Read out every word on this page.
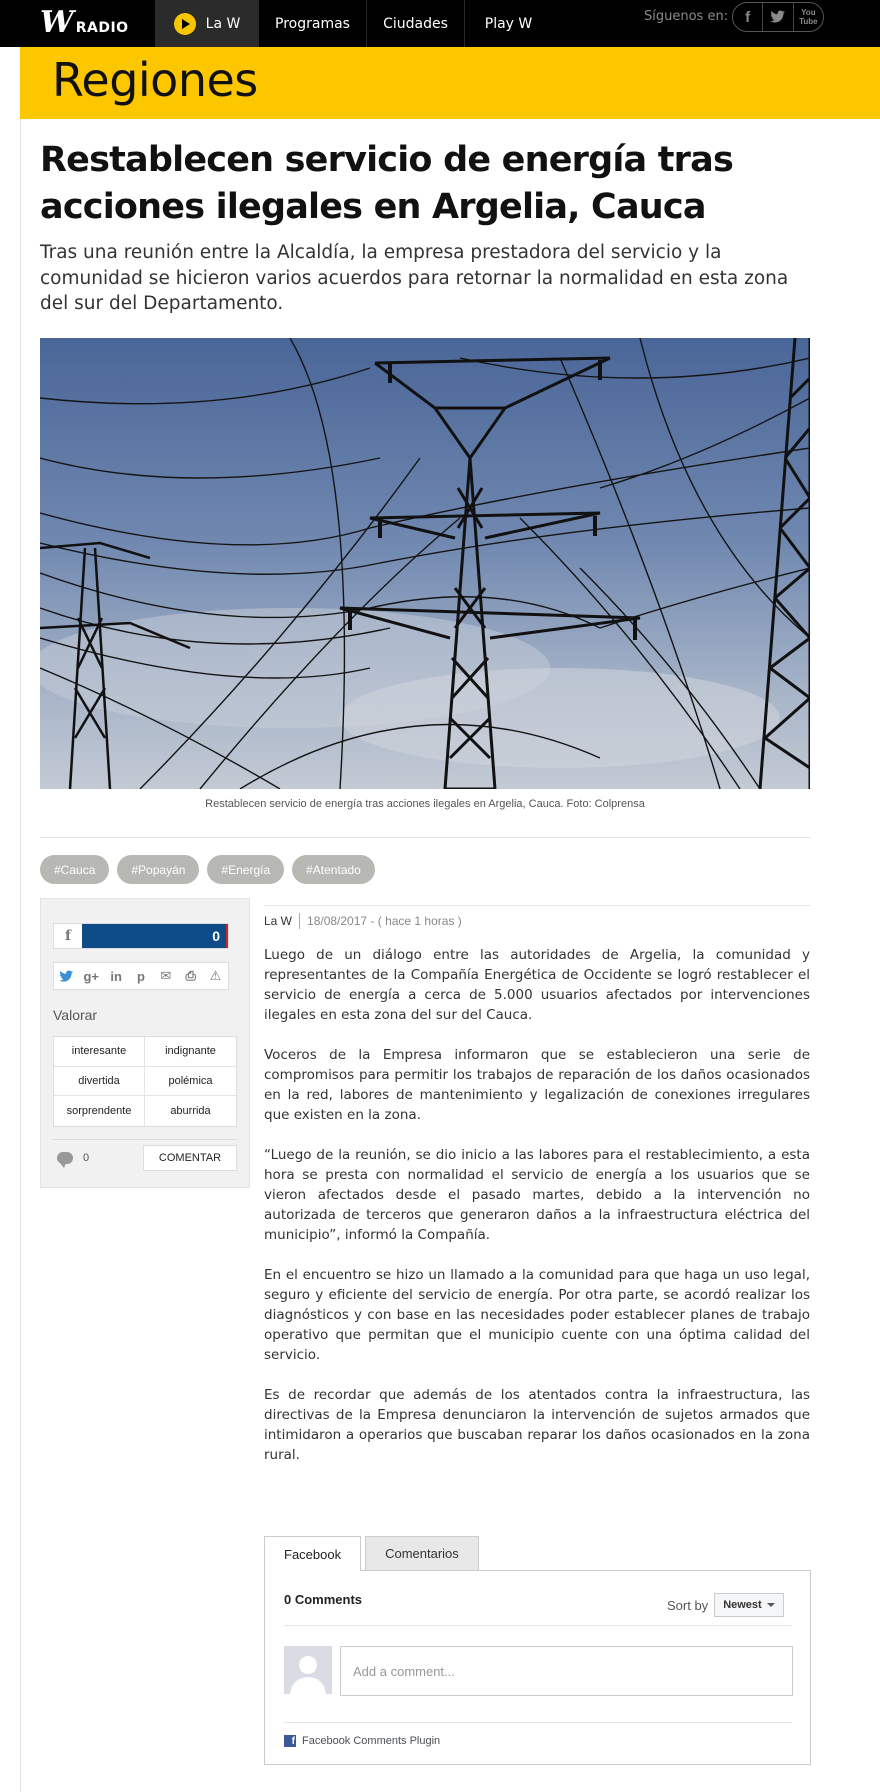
W RADIO	La W Programas Ciudades	Play W	Síguenos en:	f	You Tube
Regiones
Restablecen servicio de energía tras acciones ilegales en Argelia, Cauca

Tras una reunión entre la Alcaldía, la empresa prestadora del servicio y la comunidad se hicieron varios acuerdos para retornar la normalidad en esta zona del sur del Departamento.

Restablecen servicio de energía tras acciones ilegales en Argelia, Cauca. Foto: Colprensa
#Cauca	#Popayán	#Energía	#Atentado
f	0
g+ in	p	✉ ⎙ ⚠
Valorar
interesante	indignante
divertida	polémica
sorprendente	aburrida
0	COMENTAR
La W 18/08/2017 - ( hace 1 horas )

Luego de un diálogo entre las autoridades de Argelia, la comunidad y representantes de la Compañía Energética de Occidente se logró restablecer el servicio de energía a cerca de 5.000 usuarios afectados por intervenciones ilegales en esta zona del sur del Cauca.

Voceros de la Empresa informaron que se establecieron una serie de compromisos para permitir los trabajos de reparación de los daños ocasionados en la red, labores de mantenimiento y legalización de conexiones irregulares que existen en la zona.

“Luego de la reunión, se dio inicio a las labores para el restablecimiento, a esta hora se presta con normalidad el servicio de energía a los usuarios que se vieron afectados desde el pasado martes, debido a la intervención no autorizada de terceros que generaron daños a la infraestructura eléctrica del municipio”, informó la Compañía.

En el encuentro se hizo un llamado a la comunidad para que haga un uso legal, seguro y eficiente del servicio de energía. Por otra parte, se acordó realizar los diagnósticos y con base en las necesidades poder establecer planes de trabajo operativo que permitan que el municipio cuente con una óptima calidad del servicio.

Es de recordar que además de los atentados contra la infraestructura, las directivas de la Empresa denunciaron la intervención de sujetos armados que intimidaron a operarios que buscaban reparar los daños ocasionados en la zona rural.

Facebook	Comentarios
0 Comments	Sort by Newest
Add a comment...
f Facebook Comments Plugin
